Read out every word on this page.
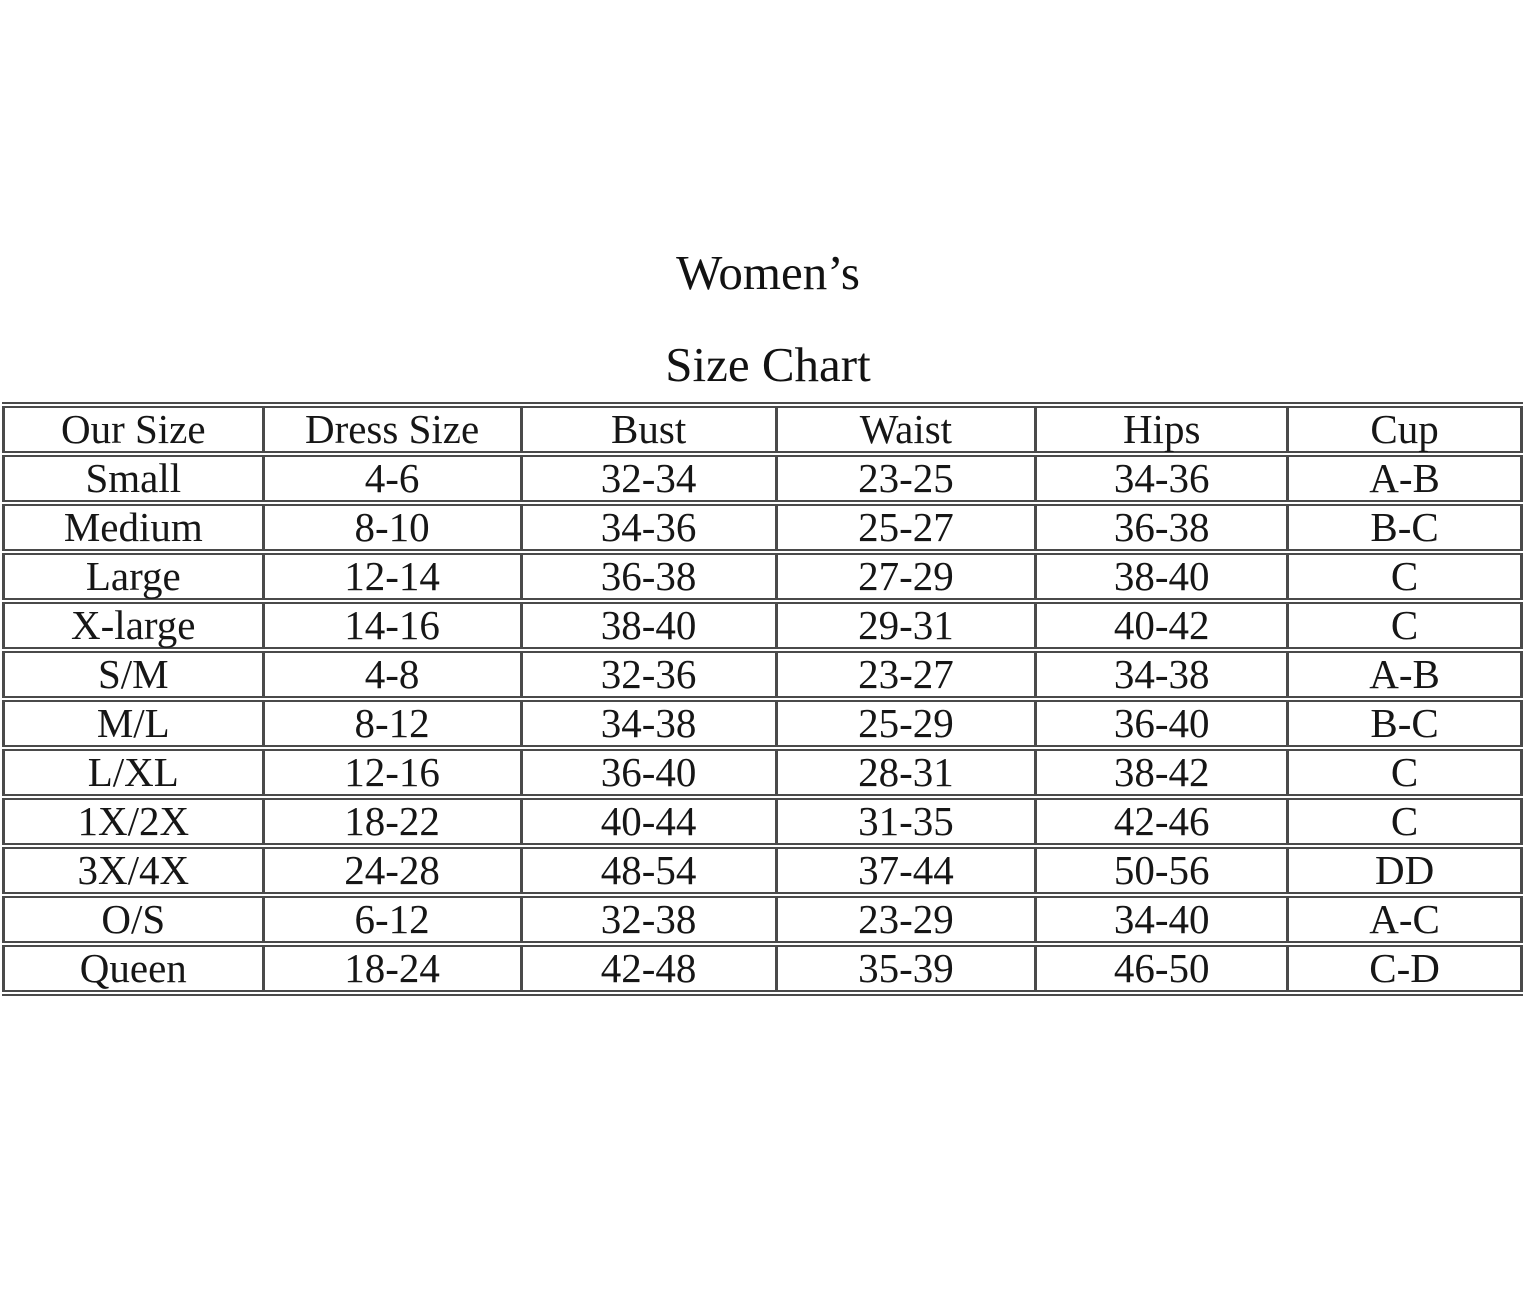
Women’s
Size Chart
Our Size	Dress Size	Bust	Waist	Hips	Cup
Small	4-6	32-34	23-25	34-36	A-B
Medium	8-10	34-36	25-27	36-38	B-C
Large	12-14	36-38	27-29	38-40	C
X-large	14-16	38-40	29-31	40-42	C
S/M	4-8	32-36	23-27	34-38	A-B
M/L	8-12	34-38	25-29	36-40	B-C
L/XL	12-16	36-40	28-31	38-42	C
1X/2X	18-22	40-44	31-35	42-46	C
3X/4X	24-28	48-54	37-44	50-56	DD
O/S	6-12	32-38	23-29	34-40	A-C
Queen	18-24	42-48	35-39	46-50	C-D
